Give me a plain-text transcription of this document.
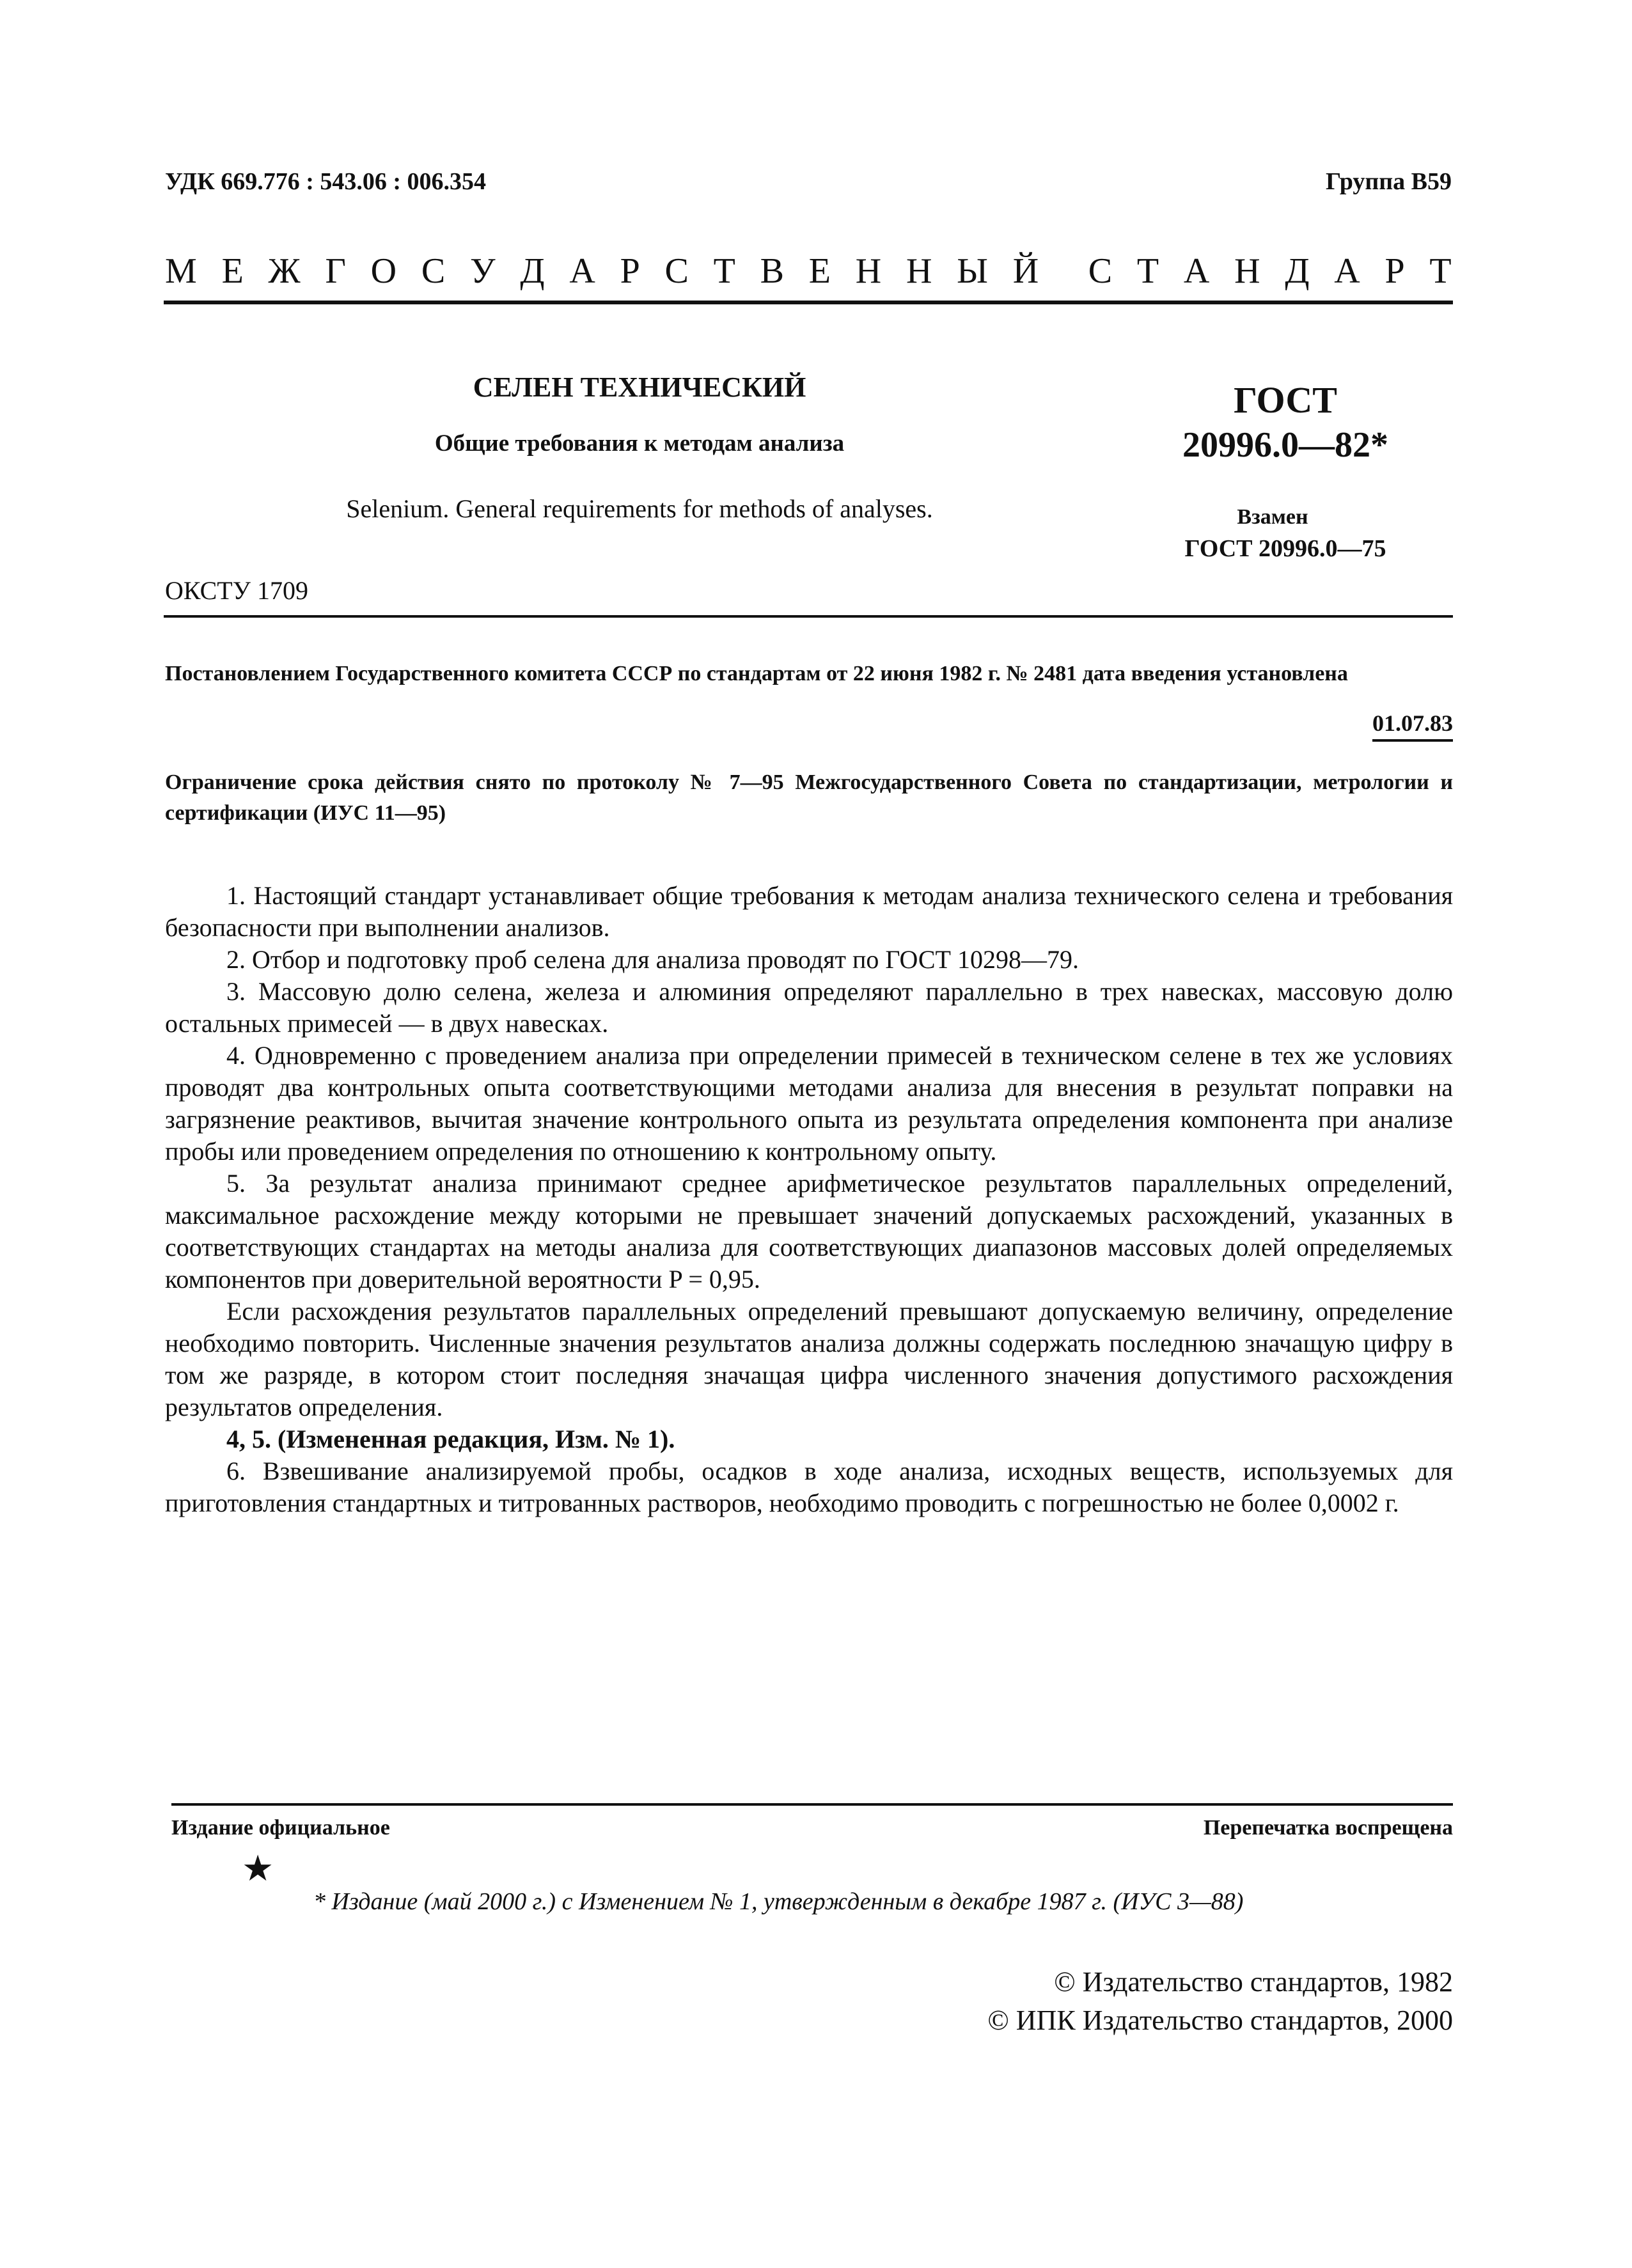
УДК 669.776 : 543.06 : 006.354	Группа В59
М Е Ж Г О С У Д А Р С Т В Е Н Н Ы Й С Т А Н Д А Р Т
СЕЛЕН ТЕХНИЧЕСКИЙ
Общие требования к методам анализа
Selenium. General requirements for methods of analyses.
ГОСТ
20996.0—82*
Взамен
ГОСТ 20996.0—75
ОКСТУ 1709
Постановлением Государственного комитета СССР по стандартам от 22 июня 1982 г. № 2481 дата введения установлена
01.07.83
Ограничение срока действия снято по протоколу № 7—95 Межгосударственного Совета по стандартизации, метрологии и сертификации (ИУС 11—95)

1. Настоящий стандарт устанавливает общие требования к методам анализа технического селена и требования безопасности при выполнении анализов.

2. Отбор и подготовку проб селена для анализа проводят по ГОСТ 10298—79.

3. Массовую долю селена, железа и алюминия определяют параллельно в трех навесках, массовую долю остальных примесей — в двух навесках.

4. Одновременно с проведением анализа при определении примесей в техническом селене в тех же условиях проводят два контрольных опыта соответствующими методами анализа для внесения в результат поправки на загрязнение реактивов, вычитая значение контрольного опыта из результата определения компонента при анализе пробы или проведением определения по отношению к контрольному опыту.

5. За результат анализа принимают среднее арифметическое результатов параллельных определений, максимальное расхождение между которыми не превышает значений допускаемых расхождений, указанных в соответствующих стандартах на методы анализа для соответствующих диапазонов массовых долей определяемых компонентов при доверительной вероятности P = 0,95.

Если расхождения результатов параллельных определений превышают допускаемую величину, определение необходимо повторить. Численные значения результатов анализа должны содержать последнюю значащую цифру в том же разряде, в котором стоит последняя значащая цифра численного значения допустимого расхождения результатов определения.

4, 5. (Измененная редакция, Изм. № 1).

6. Взвешивание анализируемой пробы, осадков в ходе анализа, исходных веществ, используемых для приготовления стандартных и титрованных растворов, необходимо проводить с погрешностью не более 0,0002 г.

Издание официальное	Перепечатка воспрещена
★
* Издание (май 2000 г.) с Изменением № 1, утвержденным в декабре 1987 г. (ИУС 3—88)
© Издательство стандартов, 1982
© ИПК Издательство стандартов, 2000
